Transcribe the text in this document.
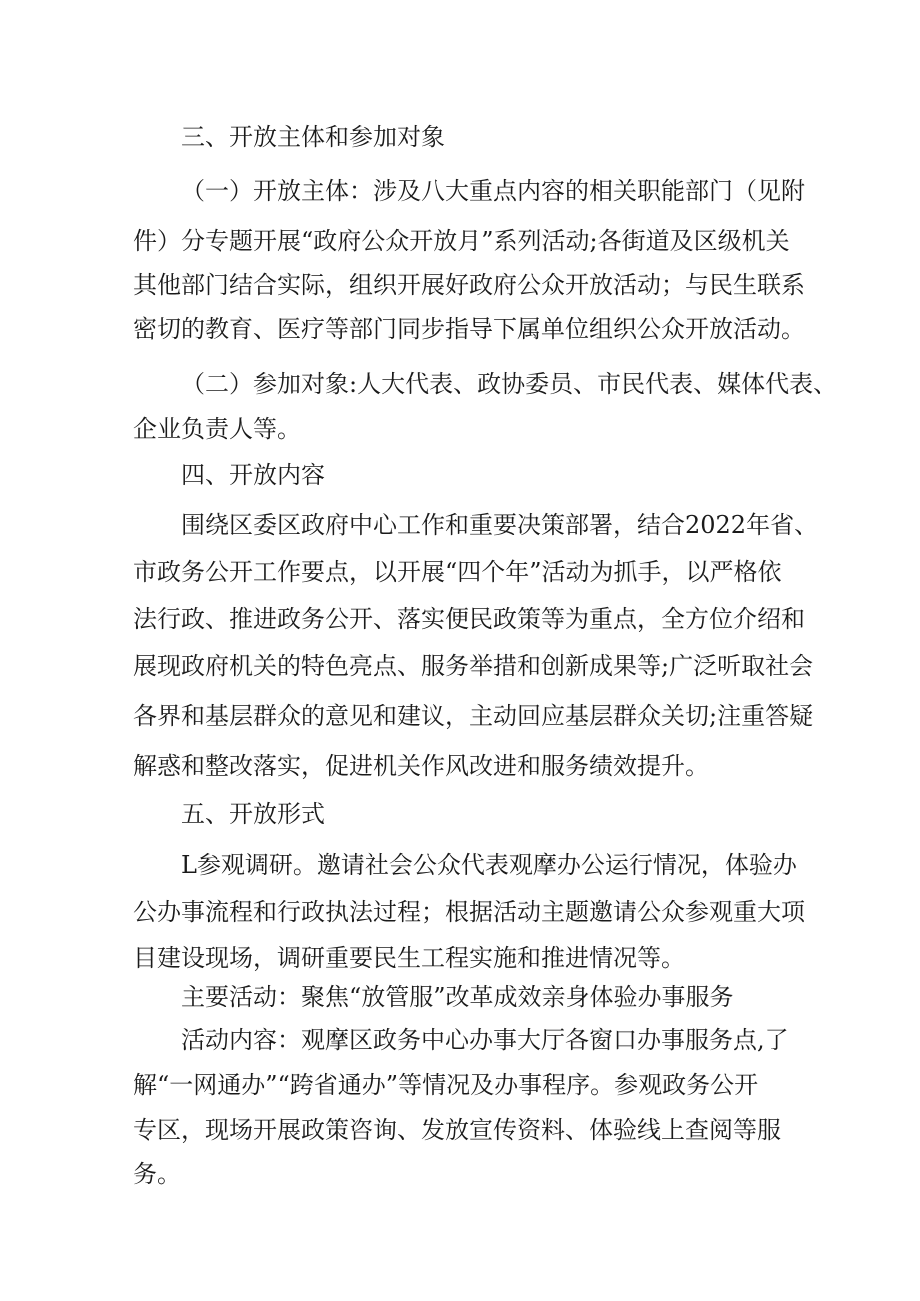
三、开放主体和参加对象
（一）开放主体：涉及八大重点内容的相关职能部门（见附
件）分专题开展“政府公众开放月”系列活动;各街道及区级机关
其他部门结合实际，组织开展好政府公众开放活动；与民生联系
密切的教育、医疗等部门同步指导下属单位组织公众开放活动。
（二）参加对象:人大代表、政协委员、市民代表、媒体代表、
企业负责人等。
四、开放内容
围绕区委区政府中心工作和重要决策部署，结合2022年省、
市政务公开工作要点，以开展“四个年”活动为抓手，以严格依
法行政、推进政务公开、落实便民政策等为重点，全方位介绍和
展现政府机关的特色亮点、服务举措和创新成果等;广泛听取社会
各界和基层群众的意见和建议，主动回应基层群众关切;注重答疑
解惑和整改落实，促进机关作风改进和服务绩效提升。
五、开放形式
L参观调研。邀请社会公众代表观摩办公运行情况，体验办
公办事流程和行政执法过程；根据活动主题邀请公众参观重大项
目建设现场，调研重要民生工程实施和推进情况等。
主要活动：聚焦“放管服”改革成效亲身体验办事服务
活动内容：观摩区政务中心办事大厅各窗口办事服务点,了
解“一网通办”“跨省通办”等情况及办事程序。参观政务公开
专区，现场开展政策咨询、发放宣传资料、体验线上查阅等服
务。
